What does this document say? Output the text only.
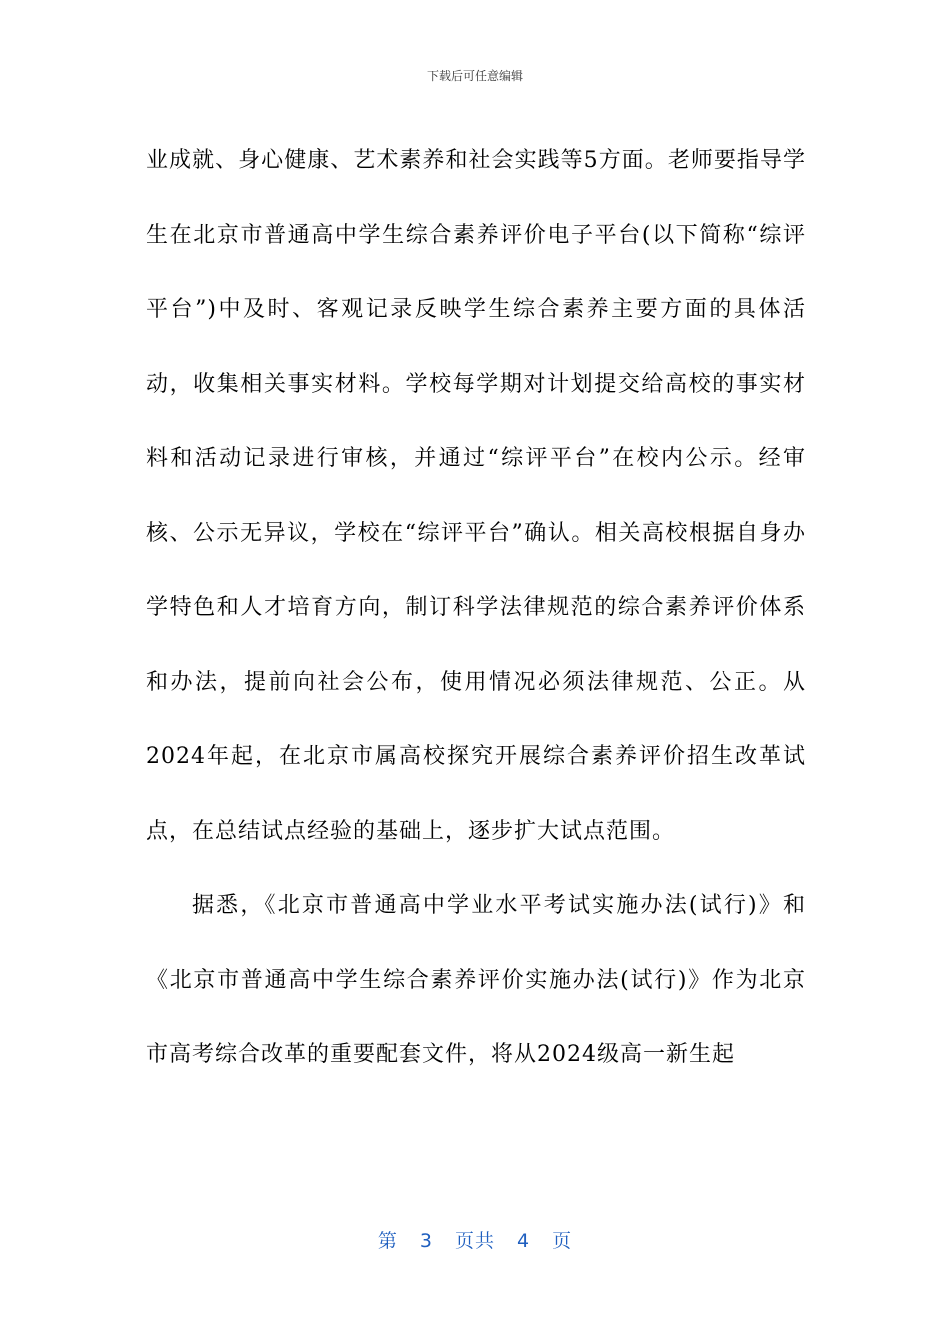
下载后可任意编辑

业成就、身心健康、艺术素养和社会实践等5方面。老师要指导学生在北京市普通高中学生综合素养评价电子平台(以下简称“综评平台”)中及时、客观记录反映学生综合素养主要方面的具体活动，收集相关事实材料。学校每学期对计划提交给高校的事实材料和活动记录进行审核，并通过“综评平台”在校内公示。经审核、公示无异议，学校在“综评平台”确认。相关高校根据自身办学特色和人才培育方向，制订科学法律规范的综合素养评价体系和办法，提前向社会公布，使用情况必须法律规范、公正。从2024年起，在北京市属高校探究开展综合素养评价招生改革试点，在总结试点经验的基础上，逐步扩大试点范围。

据悉，《北京市普通高中学业水平考试实施办法(试行)》和《北京市普通高中学生综合素养评价实施办法(试行)》作为北京市高考综合改革的重要配套文件，将从2024级高一新生起

第 3 页共 4 页
